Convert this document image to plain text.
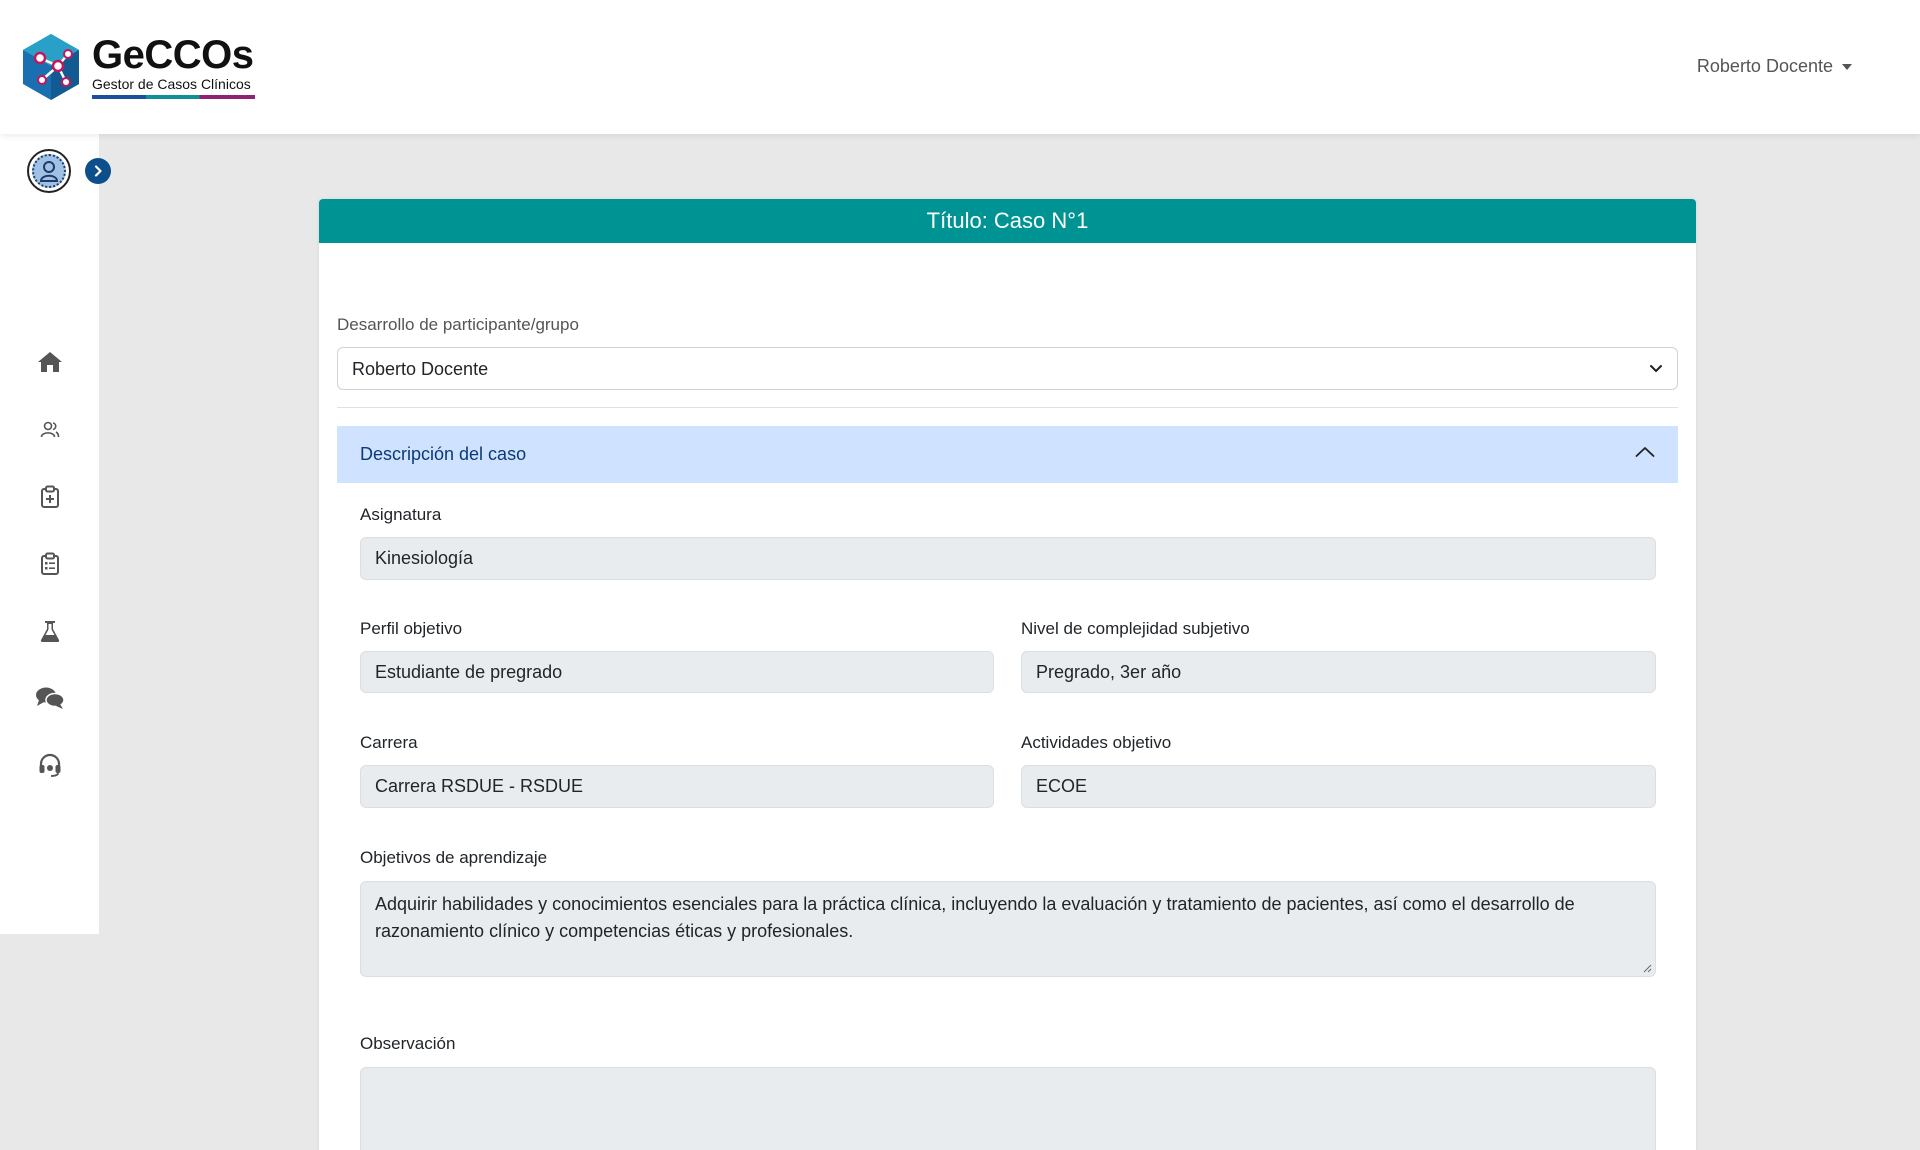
GeCCOs
Gestor de Casos Clínicos
Roberto Docente
Título: Caso N°1
Desarrollo de participante/grupo
Roberto Docente
Descripción del caso
Asignatura
Kinesiología
Perfil objetivo
Estudiante de pregrado
Nivel de complejidad subjetivo
Pregrado, 3er año
Carrera
Carrera RSDUE - RSDUE
Actividades objetivo
ECOE
Objetivos de aprendizaje
Adquirir habilidades y conocimientos esenciales para la práctica clínica, incluyendo la evaluación y tratamiento de pacientes, así como el desarrollo de razonamiento clínico y competencias éticas y profesionales.
Observación
